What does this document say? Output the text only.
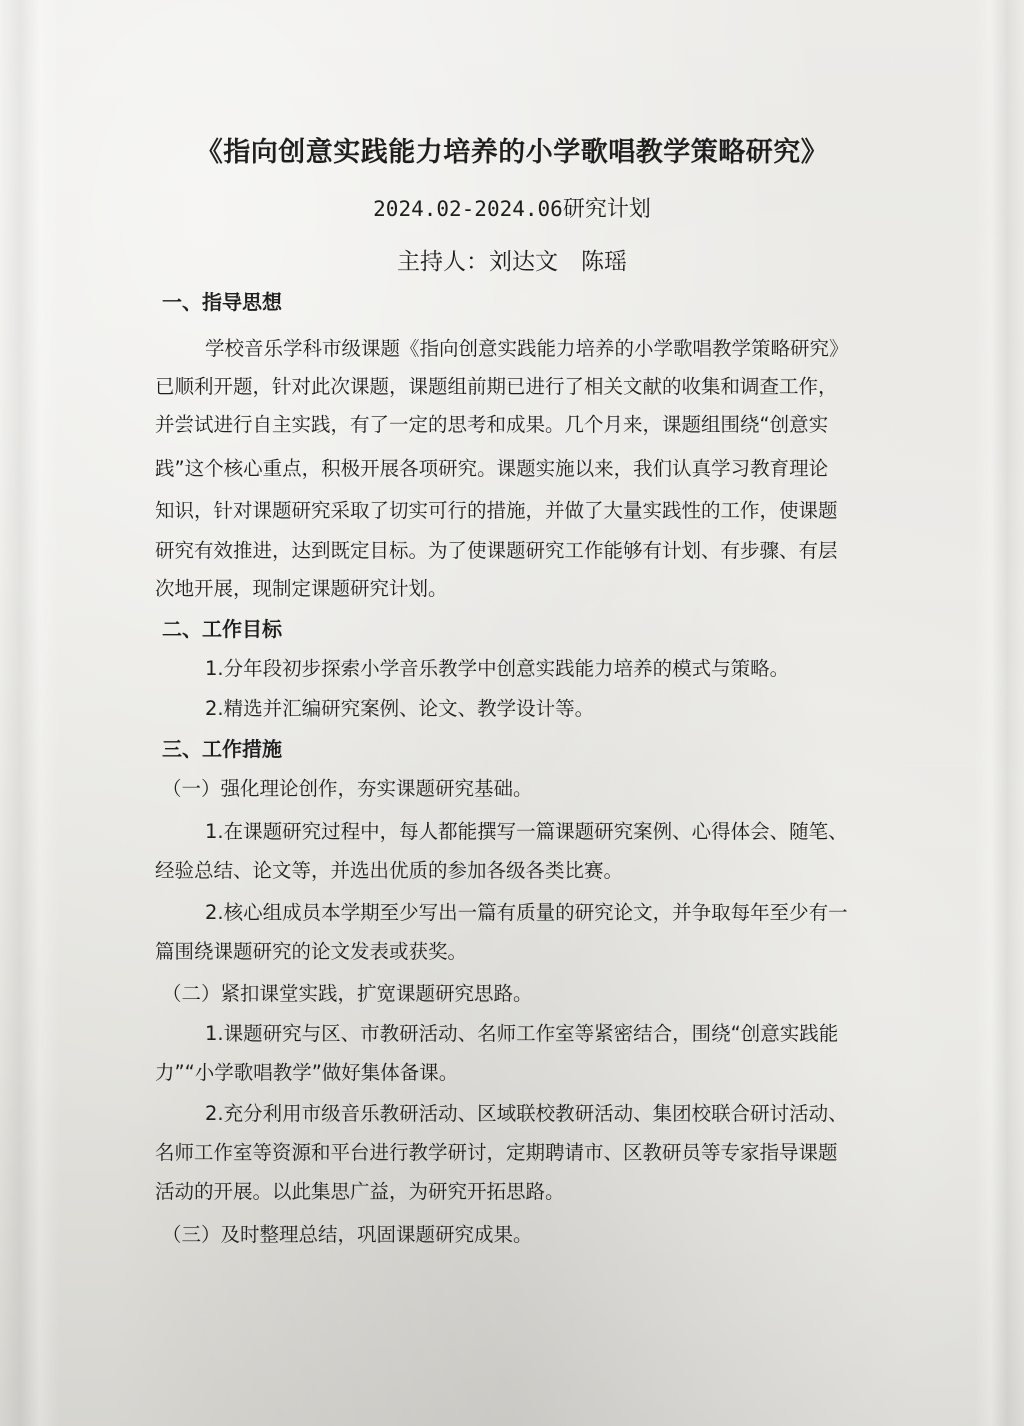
《指向创意实践能力培养的小学歌唱教学策略研究》
2024.02-2024.06研究计划
主持人：刘达文　陈瑶
一、指导思想
学校音乐学科市级课题《指向创意实践能力培养的小学歌唱教学策略研究》
已顺利开题，针对此次课题，课题组前期已进行了相关文献的收集和调查工作，
并尝试进行自主实践，有了一定的思考和成果。几个月来，课题组围绕“创意实
践”这个核心重点，积极开展各项研究。课题实施以来，我们认真学习教育理论
知识，针对课题研究采取了切实可行的措施，并做了大量实践性的工作，使课题
研究有效推进，达到既定目标。为了使课题研究工作能够有计划、有步骤、有层
次地开展，现制定课题研究计划。
二、工作目标
1.分年段初步探索小学音乐教学中创意实践能力培养的模式与策略。
2.精选并汇编研究案例、论文、教学设计等。
三、工作措施
（一）强化理论创作，夯实课题研究基础。
1.在课题研究过程中，每人都能撰写一篇课题研究案例、心得体会、随笔、
经验总结、论文等，并选出优质的参加各级各类比赛。
2.核心组成员本学期至少写出一篇有质量的研究论文，并争取每年至少有一
篇围绕课题研究的论文发表或获奖。
（二）紧扣课堂实践，扩宽课题研究思路。
1.课题研究与区、市教研活动、名师工作室等紧密结合，围绕“创意实践能
力”“小学歌唱教学”做好集体备课。
2.充分利用市级音乐教研活动、区域联校教研活动、集团校联合研讨活动、
名师工作室等资源和平台进行教学研讨，定期聘请市、区教研员等专家指导课题
活动的开展。以此集思广益，为研究开拓思路。
（三）及时整理总结，巩固课题研究成果。
